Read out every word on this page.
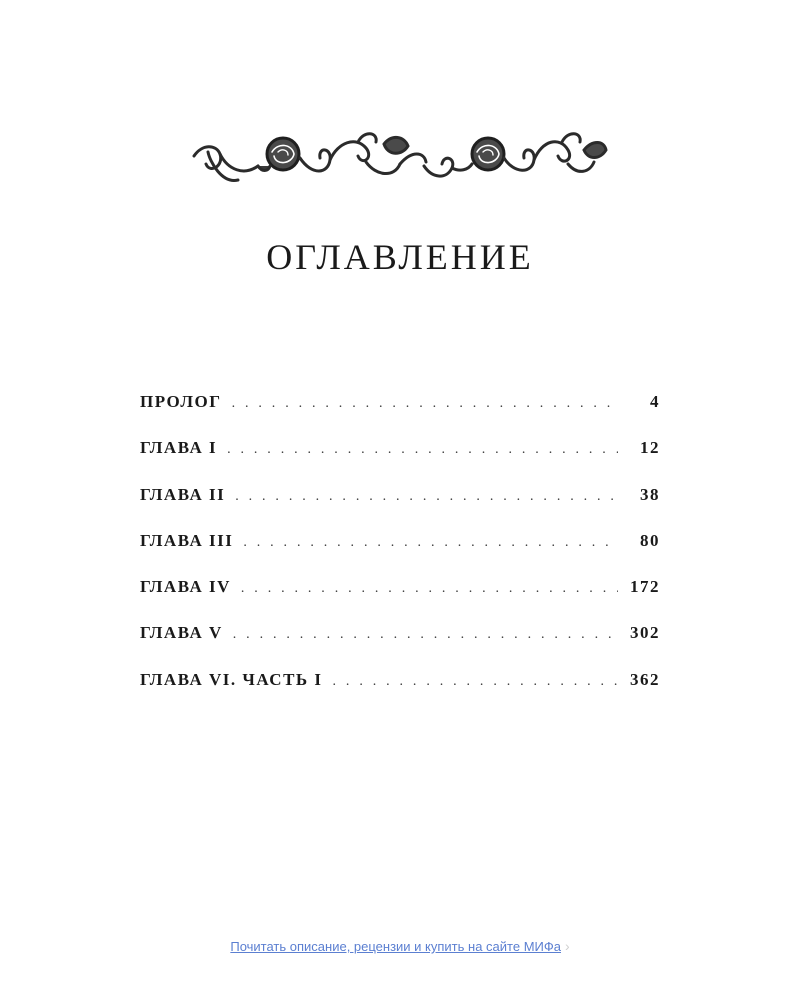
ОГЛАВЛЕНИЕ
ПРОЛОГ . . .	4
ГЛАВА I . . .	12
ГЛАВА II . . .	38
ГЛАВА III . . .	80
ГЛАВА IV . . .	172
ГЛАВА V . . .	302
ГЛАВА VI. ЧАСТЬ I . . .	362
Почитать описание, рецензии и купить на сайте МИФа ›
